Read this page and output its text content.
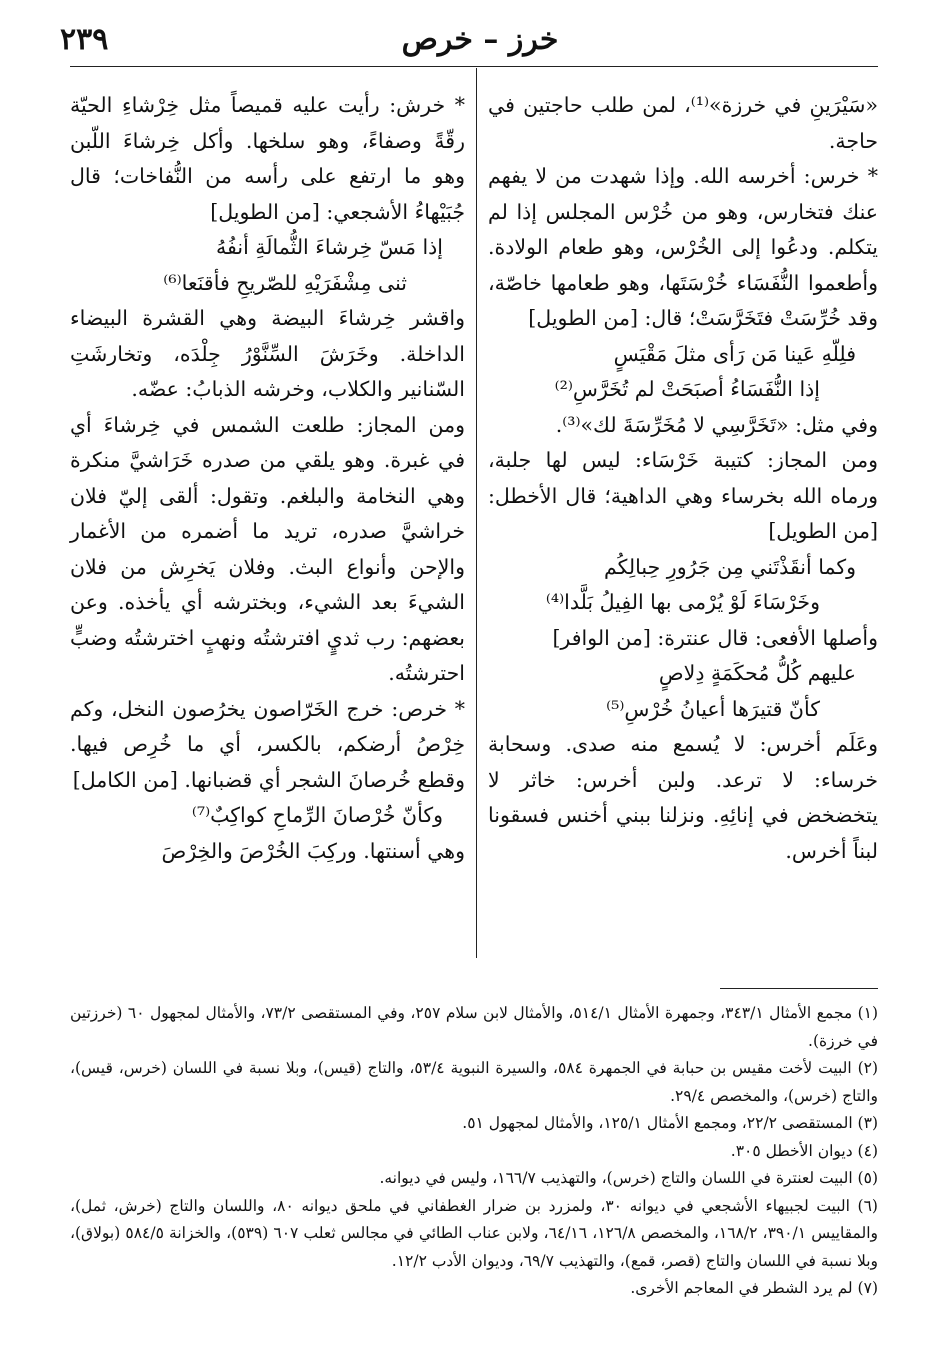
٢٣٩	خرز – خرص

«سَيْرَينِ في خرزة»⁽¹⁾، لمن طلب حاجتين في حاجة.

* خرس: أخرسه الله. وإذا شهدت من لا يفهم عنك فتخارس، وهو من خُرْس المجلس إذا لم يتكلم. ودعُوا إلى الخُرْس، وهو طعام الولادة. وأطعموا النُّفَسَاء خُرْسَتَها، وهو طعامها خاصّة، وقد خُرِّسَتْ فتَخَرَّسَتْ؛ قال: [من الطويل]

فلِلّهِ عَينا مَن رَأى مثلَ مَقْيَسٍ

إذا النُّفَسَاءُ أصبَحَتْ لم تُخَرَّسِ⁽²⁾

وفي مثل: «تَخَرَّسِي لا مُخَرِّسَةَ لك»⁽³⁾.

ومن المجاز: كتيبة خَرْسَاء: ليس لها جلبة، ورماه الله بخرساء وهي الداهية؛ قال الأخطل: [من الطويل]

وكما أنقَذْتَني مِن جَرُورِ حِبالِكُم

وخَرْسَاءَ لَوْ يُرْمى بها الفِيلُ بَلَّدا⁽⁴⁾

وأصلها الأفعى: قال عنترة: [من الوافر]

عليهم كُلُّ مُحكَمَةٍ دِلاصٍ

كأنّ قتيرَها أعيانُ خُرْسِ⁽⁵⁾

وعَلَم أخرس: لا يُسمع منه صدى. وسحابة خرساء: لا ترعد. ولبن أخرس: خاثر لا يتخضخض في إنائِهِ. ونزلنا ببني أخنس فسقونا لبناً أخرس.

* خرش: رأيت عليه قميصاً مثل خِرْشاءِ الحيّة رقّةً وصفاءً، وهو سلخها. وأكل خِرشاءَ اللّبن وهو ما ارتفع على رأسه من النُّفاخات؛ قال جُبَيْهاءُ الأشجعي: [من الطويل]

إذا مَسّ خِرشاءَ الثُّمالَةِ أنفُهُ

ثنى مِشْفَرَيْهِ للصّريحِ فأقنَعا⁽⁶⁾

واقشر خِرشاءَ البيضة وهي القشرة البيضاء الداخلة. وخَرَشَ السِّنَّوْرُ جِلْدَه، وتخارشَتِ السّنانير والكلاب، وخرشه الذبابُ: عضّه.

ومن المجاز: طلعت الشمس في خِرشاءَ أي في غبرة. وهو يلقي من صدره خَرَاشيَّ منكرة وهي النخامة والبلغم. وتقول: ألقى إليّ فلان خراشيَّ صدره، تريد ما أضمره من الأغمار والإحن وأنواع البث. وفلان يَخرِش من فلان الشيءَ بعد الشيء، وبخترشه أي يأخذه. وعن بعضهم: رب ثديٍ افترشتُه ونهبٍ اخترشتُه وضبٍّ احترشتُه.

* خرص: خرج الخَرّاصون يخرُصون النخل، وكم خِرْصُ أرضكم، بالكسر، أي ما خُرِص فيها. وقطع خُرصانَ الشجر أي قضبانها. [من الكامل]

وكأنّ خُرْصانَ الرِّماحِ كواكِبٌ⁽⁷⁾

وهي أسنتها. وركِبَ الخُرْصَ والخِرْصَ

(١) مجمع الأمثال ٣٤٣/١، وجمهرة الأمثال ٥١٤/١، والأمثال لابن سلام ٢٥٧، وفي المستقصى ٧٣/٢، والأمثال لمجهول ٦٠ (خرزتين في خرزة).

(٢) البيت لأخت مقيس بن حبابة في الجمهرة ٥٨٤، والسيرة النبوية ٥٣/٤، والتاج (قيس)، وبلا نسبة في اللسان (خرس، قيس)، والتاج (خرس)، والمخصص ٢٩/٤.

(٣) المستقصى ٢٢/٢، ومجمع الأمثال ١٢٥/١، والأمثال لمجهول ٥١.

(٤) ديوان الأخطل ٣٠٥.

(٥) البيت لعنترة في اللسان والتاج (خرس)، والتهذيب ١٦٦/٧، وليس في ديوانه.

(٦) البيت لجبيهاء الأشجعي في ديوانه ٣٠، ولمزرد بن ضرار الغطفاني في ملحق ديوانه ٨٠، واللسان والتاج (خرش، ثمل)، والمقاييس ٣٩٠/١، ١٦٨/٢، والمخصص ١٢٦/٨، ٦٤/١٦، ولابن عناب الطائي في مجالس ثعلب ٦٠٧ (٥٣٩)، والخزانة ٥٨٤/٥ (بولاق)، وبلا نسبة في اللسان والتاج (قصر، قمع)، والتهذيب ٦٩/٧، وديوان الأدب ١٢/٢.

(٧) لم يرد الشطر في المعاجم الأخرى.
